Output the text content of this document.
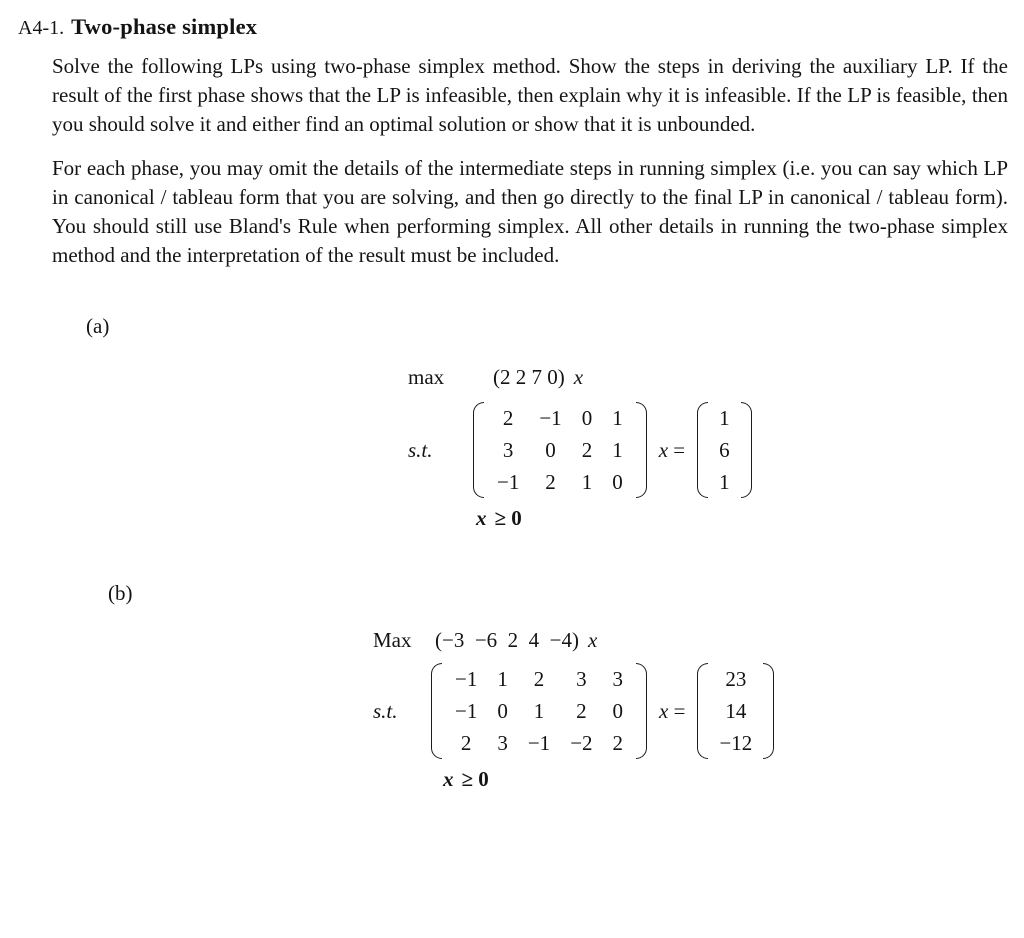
A4-1. Two-phase simplex

Solve the following LPs using two-phase simplex method. Show the steps in deriving the auxiliary LP. If the result of the first phase shows that the LP is infeasible, then explain why it is infeasible. If the LP is feasible, then you should solve it and either find an optimal solution or show that it is unbounded.

For each phase, you may omit the details of the intermediate steps in running simplex (i.e. you can say which LP in canonical / tableau form that you are solving, and then go directly to the final LP in canonical / tableau form). You should still use Bland's Rule when performing simplex. All other details in running the two-phase simplex method and the interpretation of the result must be included.

(a)
max	(2 2 7 0) x
s.t.
2	−1	0	1
3	0	2	1
−1	2	1	0
x
=
1
6
1
x ≥ 0
(b)
Max	(−3  −6  2  4  −4) x
s.t.
−1	1	2	3	3
−1	0	1	2	0
2	3	−1	−2	2
x
=
23
14
−12
x ≥ 0
